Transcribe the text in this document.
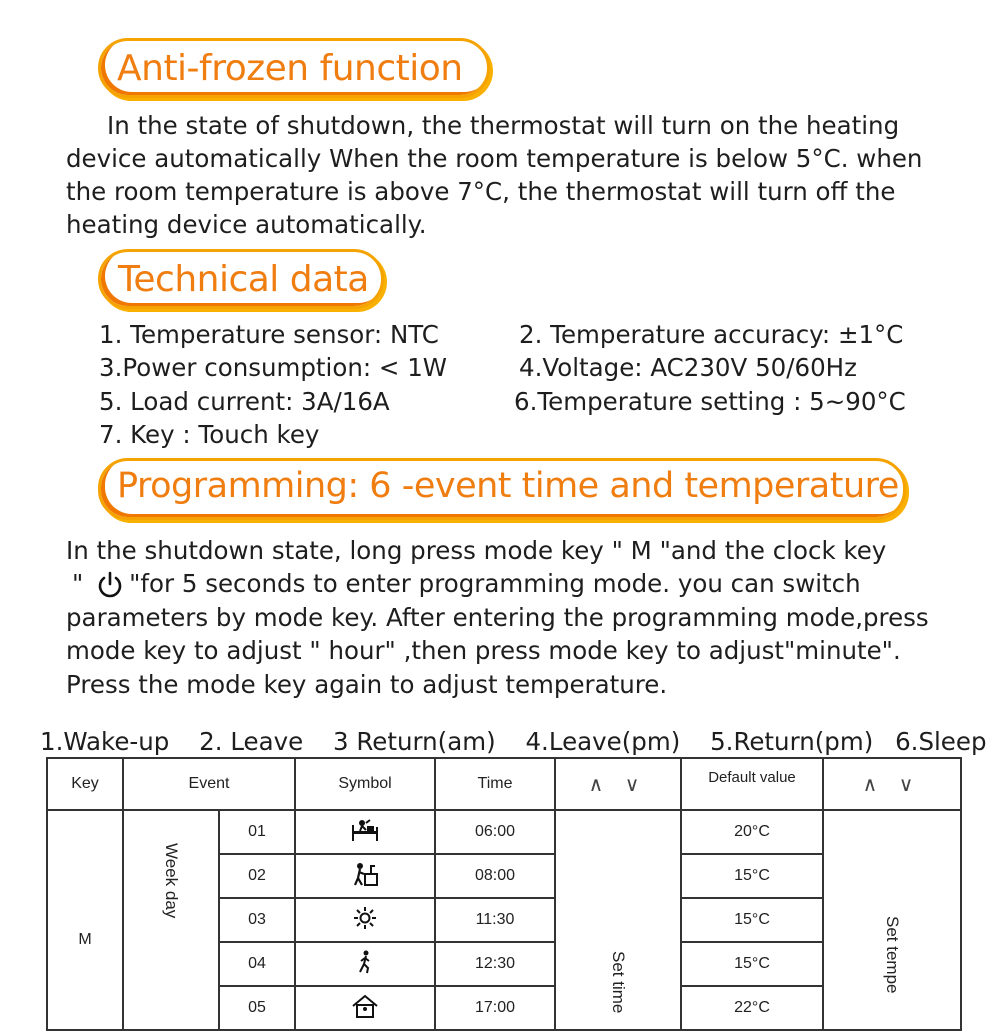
Anti-frozen function
In the state of shutdown, the thermostat will turn on the heating
device automatically When the room temperature is below 5°C. when
the room temperature is above 7°C, the thermostat will turn off the
heating device automatically.
Technical data
1. Temperature sensor: NTC	2. Temperature accuracy: ±1°C
3.Power consumption: < 1W	4.Voltage: AC230V 50/60Hz
5. Load current: 3A/16A	6.Temperature setting : 5~90°C
7. Key : Touch key
Programming: 6 -event time and temperature
In the shutdown state, long press mode key " M "and the clock key
" "for 5 seconds to enter programming mode. you can switch
parameters by mode key. After entering the programming mode,press
mode key to adjust " hour" ,then press mode key to adjust"minute".
Press the mode key again to adjust temperature.
1.Wake-up 2. Leave 3 Return(am) 4.Leave(pm) 5.Return(pm) 6.Sleep
Key	Event		Symbol	Time	∧ ∨	Default value	∧ ∨
M	Week day	01		06:00	Set time	20°C	Set tempe
		02		08:00		15°C	
		03		11:30		15°C	
		04		12:30		15°C	
		05		17:00		22°C	
